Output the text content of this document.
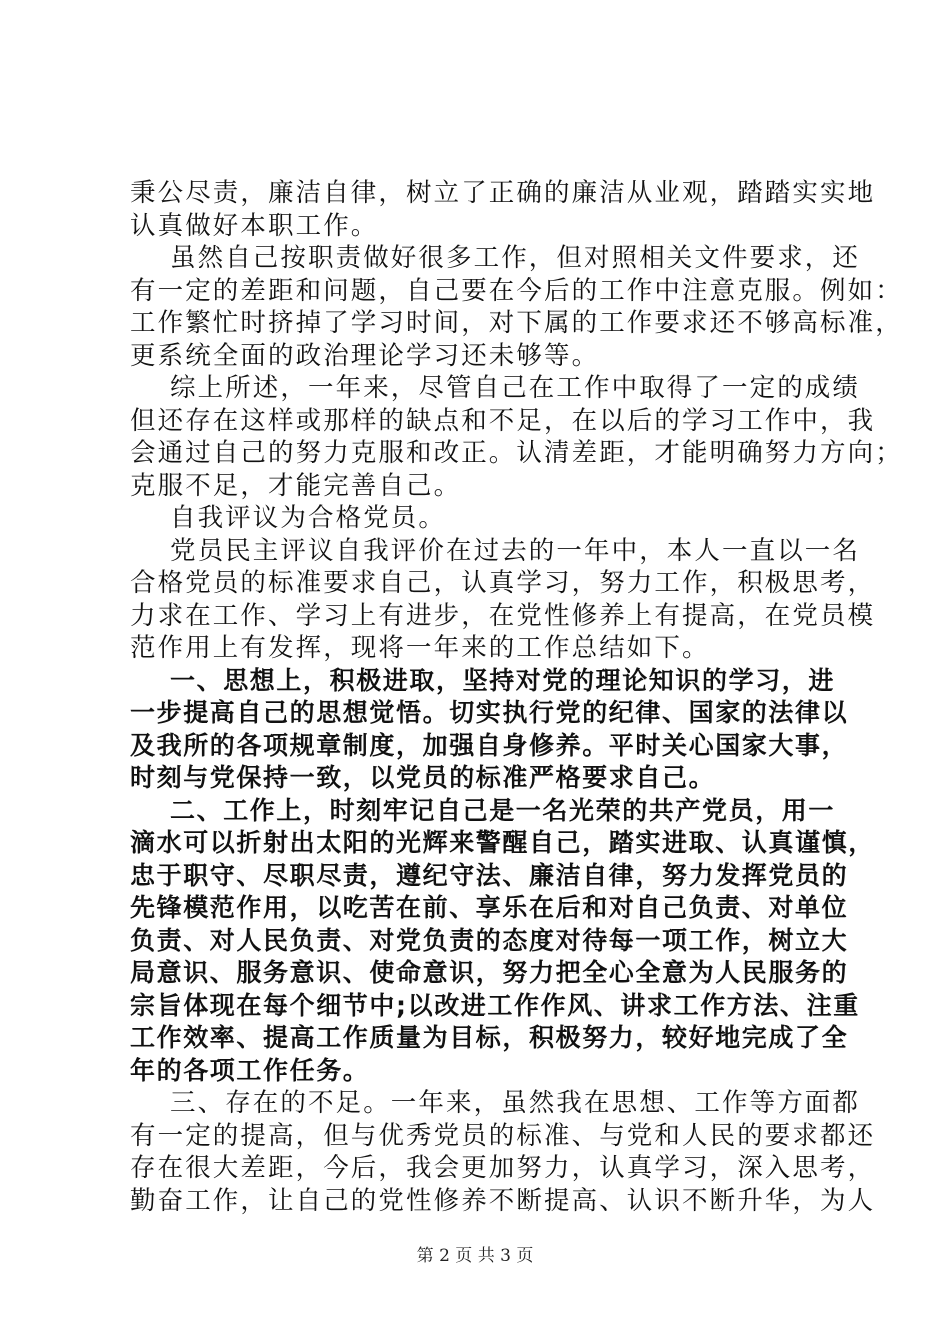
秉公尽责，廉洁自律，树立了正确的廉洁从业观，踏踏实实地
认真做好本职工作。
虽然自己按职责做好很多工作，但对照相关文件要求，还
有一定的差距和问题，自己要在今后的工作中注意克服。例如：
工作繁忙时挤掉了学习时间，对下属的工作要求还不够高标准，
更系统全面的政治理论学习还未够等。
综上所述，一年来，尽管自己在工作中取得了一定的成绩
但还存在这样或那样的缺点和不足，在以后的学习工作中，我
会通过自己的努力克服和改正。认清差距，才能明确努力方向；
克服不足，才能完善自己。
自我评议为合格党员。
党员民主评议自我评价在过去的一年中，本人一直以一名
合格党员的标准要求自己，认真学习，努力工作，积极思考，
力求在工作、学习上有进步，在党性修养上有提高，在党员模
范作用上有发挥，现将一年来的工作总结如下。
一、思想上，积极进取，坚持对党的理论知识的学习，进
一步提高自己的思想觉悟。切实执行党的纪律、国家的法律以
及我所的各项规章制度，加强自身修养。平时关心国家大事，
时刻与党保持一致，以党员的标准严格要求自己。
二、工作上，时刻牢记自己是一名光荣的共产党员，用一
滴水可以折射出太阳的光辉来警醒自己，踏实进取、认真谨慎，
忠于职守、尽职尽责，遵纪守法、廉洁自律，努力发挥党员的
先锋模范作用，以吃苦在前、享乐在后和对自己负责、对单位
负责、对人民负责、对党负责的态度对待每一项工作，树立大
局意识、服务意识、使命意识，努力把全心全意为人民服务的
宗旨体现在每个细节中;以改进工作作风、讲求工作方法、注重
工作效率、提高工作质量为目标，积极努力，较好地完成了全
年的各项工作任务。
三、存在的不足。一年来，虽然我在思想、工作等方面都
有一定的提高，但与优秀党员的标准、与党和人民的要求都还
存在很大差距，今后，我会更加努力，认真学习，深入思考，
勤奋工作，让自己的党性修养不断提高、认识不断升华，为人
第 2 页 共 3 页
